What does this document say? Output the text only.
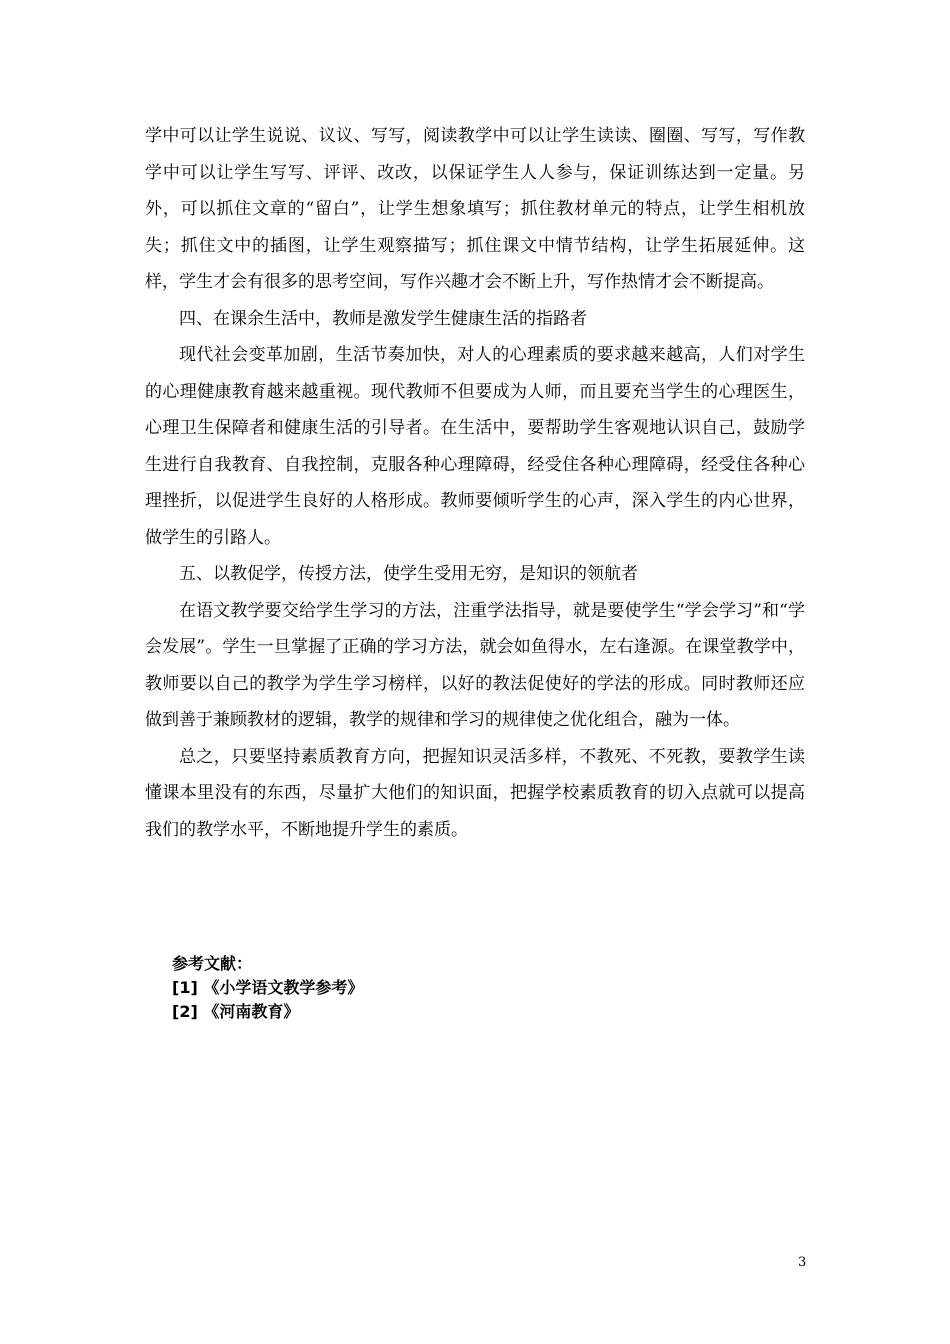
学中可以让学生说说、议议、写写，阅读教学中可以让学生读读、圈圈、写写，写作教学中可以让学生写写、评评、改改，以保证学生人人参与，保证训练达到一定量。另外，可以抓住文章的“留白”，让学生想象填写；抓住教材单元的特点，让学生相机放失；抓住文中的插图，让学生观察描写；抓住课文中情节结构，让学生拓展延伸。这样，学生才会有很多的思考空间，写作兴趣才会不断上升，写作热情才会不断提高。

四、在课余生活中，教师是激发学生健康生活的指路者

现代社会变革加剧，生活节奏加快，对人的心理素质的要求越来越高，人们对学生的心理健康教育越来越重视。现代教师不但要成为人师，而且要充当学生的心理医生，心理卫生保障者和健康生活的引导者。在生活中，要帮助学生客观地认识自己，鼓励学生进行自我教育、自我控制，克服各种心理障碍，经受住各种心理障碍，经受住各种心理挫折，以促进学生良好的人格形成。教师要倾听学生的心声，深入学生的内心世界，做学生的引路人。

五、以教促学，传授方法，使学生受用无穷，是知识的领航者

在语文教学要交给学生学习的方法，注重学法指导，就是要使学生“学会学习”和“学会发展”。学生一旦掌握了正确的学习方法，就会如鱼得水，左右逢源。在课堂教学中，教师要以自己的教学为学生学习榜样，以好的教法促使好的学法的形成。同时教师还应做到善于兼顾教材的逻辑，教学的规律和学习的规律使之优化组合，融为一体。

总之，只要坚持素质教育方向，把握知识灵活多样，不教死、不死教，要教学生读懂课本里没有的东西，尽量扩大他们的知识面，把握学校素质教育的切入点就可以提高我们的教学水平，不断地提升学生的素质。

参考文献：
[1] 《小学语文教学参考》
[2] 《河南教育》
3
